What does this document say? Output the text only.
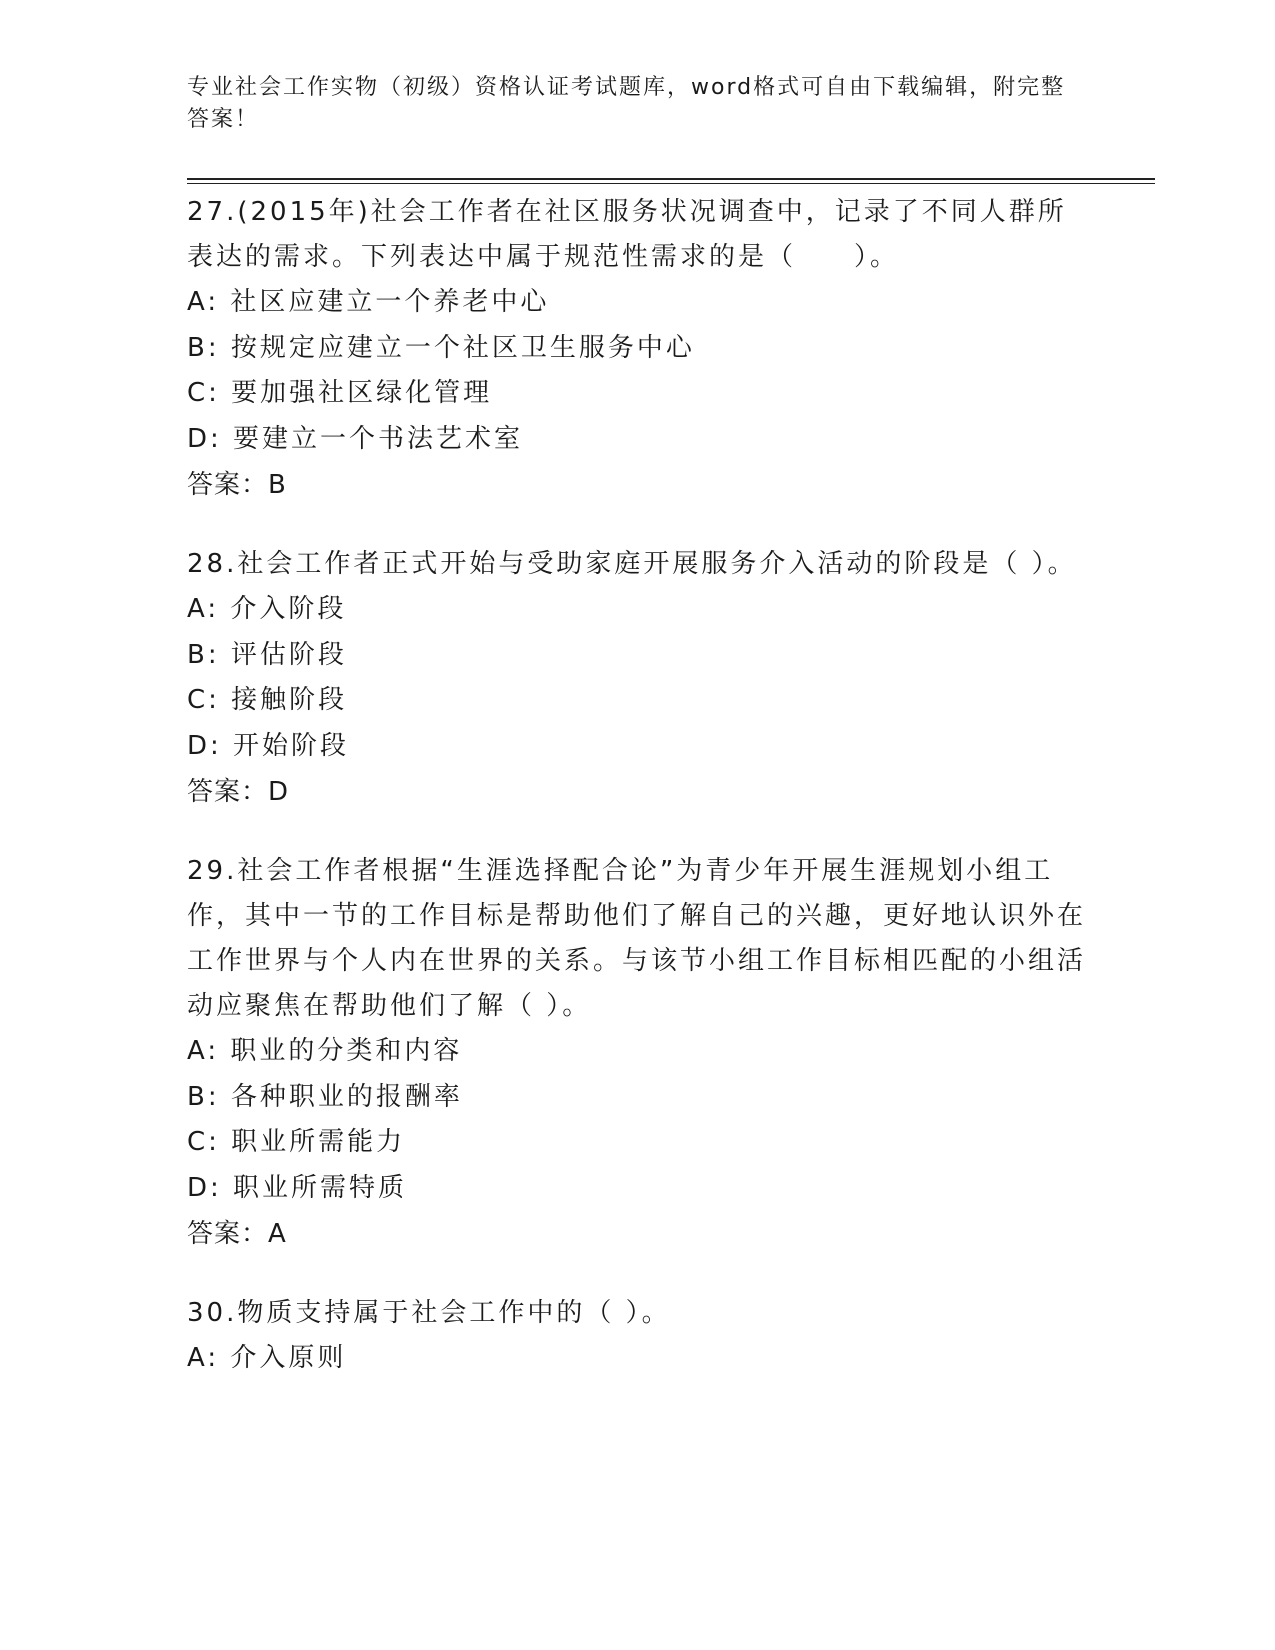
专业社会工作实物（初级）资格认证考试题库，word格式可自由下载编辑，附完整答案！

27.(2015年)社会工作者在社区服务状况调查中，记录了不同人群所表达的需求。下列表达中属于规范性需求的是（　　）。

A: 社区应建立一个养老中心

B: 按规定应建立一个社区卫生服务中心

C: 要加强社区绿化管理

D: 要建立一个书法艺术室

答案：B

28.社会工作者正式开始与受助家庭开展服务介入活动的阶段是（ ）。

A: 介入阶段

B: 评估阶段

C: 接触阶段

D: 开始阶段

答案：D

29.社会工作者根据“生涯选择配合论”为青少年开展生涯规划小组工作，其中一节的工作目标是帮助他们了解自己的兴趣，更好地认识外在工作世界与个人内在世界的关系。与该节小组工作目标相匹配的小组活动应聚焦在帮助他们了解（ ）。

A: 职业的分类和内容

B: 各种职业的报酬率

C: 职业所需能力

D: 职业所需特质

答案：A

30.物质支持属于社会工作中的（ ）。

A: 介入原则
